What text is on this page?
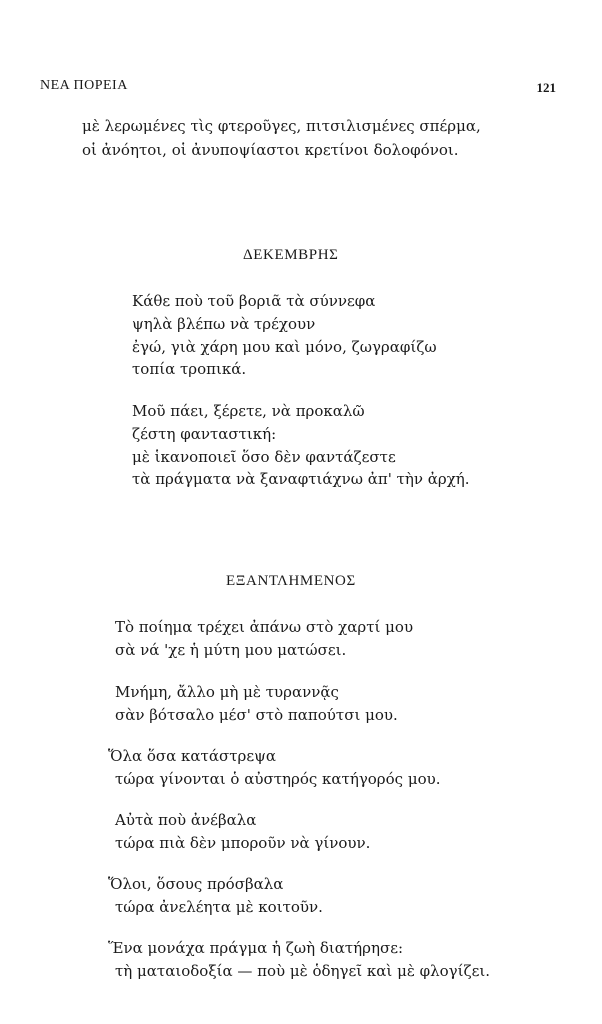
ΝΕΑ ΠΟΡΕΙΑ	121
μὲ λερωμένες τὶς φτεροῦγες, πιτσιλισμένες σπέρμα,
οἱ ἀνόητοι, οἱ ἀνυποψίαστοι κρετίνοι δολοφόνοι.
ΔΕΚΕΜΒΡΗΣ
Κάθε ποὺ τοῦ βοριᾶ τὰ σύννεφα
ψηλὰ βλέπω νὰ τρέχουν
ἐγώ, γιὰ χάρη μου καὶ μόνο, ζωγραφίζω
τοπία τροπικά.
Μοῦ πάει, ξέρετε, νὰ προκαλῶ
ζέστη φανταστική:
μὲ ἱκανοποιεῖ ὅσο δὲν φαντάζεστε
τὰ πράγματα νὰ ξαναφτιάχνω ἀπ' τὴν ἀρχή.
ΕΞΑΝΤΛΗΜΕΝΟΣ
Τὸ ποίημα τρέχει ἀπάνω στὸ χαρτί μου
σὰ νά 'χε ἡ μύτη μου ματώσει.
Μνήμη, ἄλλο μὴ μὲ τυραννᾷς
σὰν βότσαλο μέσ' στὸ παπούτσι μου.
Ὅλα ὅσα κατάστρεψα
τώρα γίνονται ὁ αὐστηρός κατήγορός μου.
Αὐτὰ ποὺ ἀνέβαλα
τώρα πιὰ δὲν μποροῦν νὰ γίνουν.
Ὅλοι, ὅσους πρόσβαλα
τώρα ἀνελέητα μὲ κοιτοῦν.
Ἕνα μονάχα πράγμα ἡ ζωὴ διατήρησε:
τὴ ματαιοδοξία — ποὺ μὲ ὁδηγεῖ καὶ μὲ φλογίζει.
